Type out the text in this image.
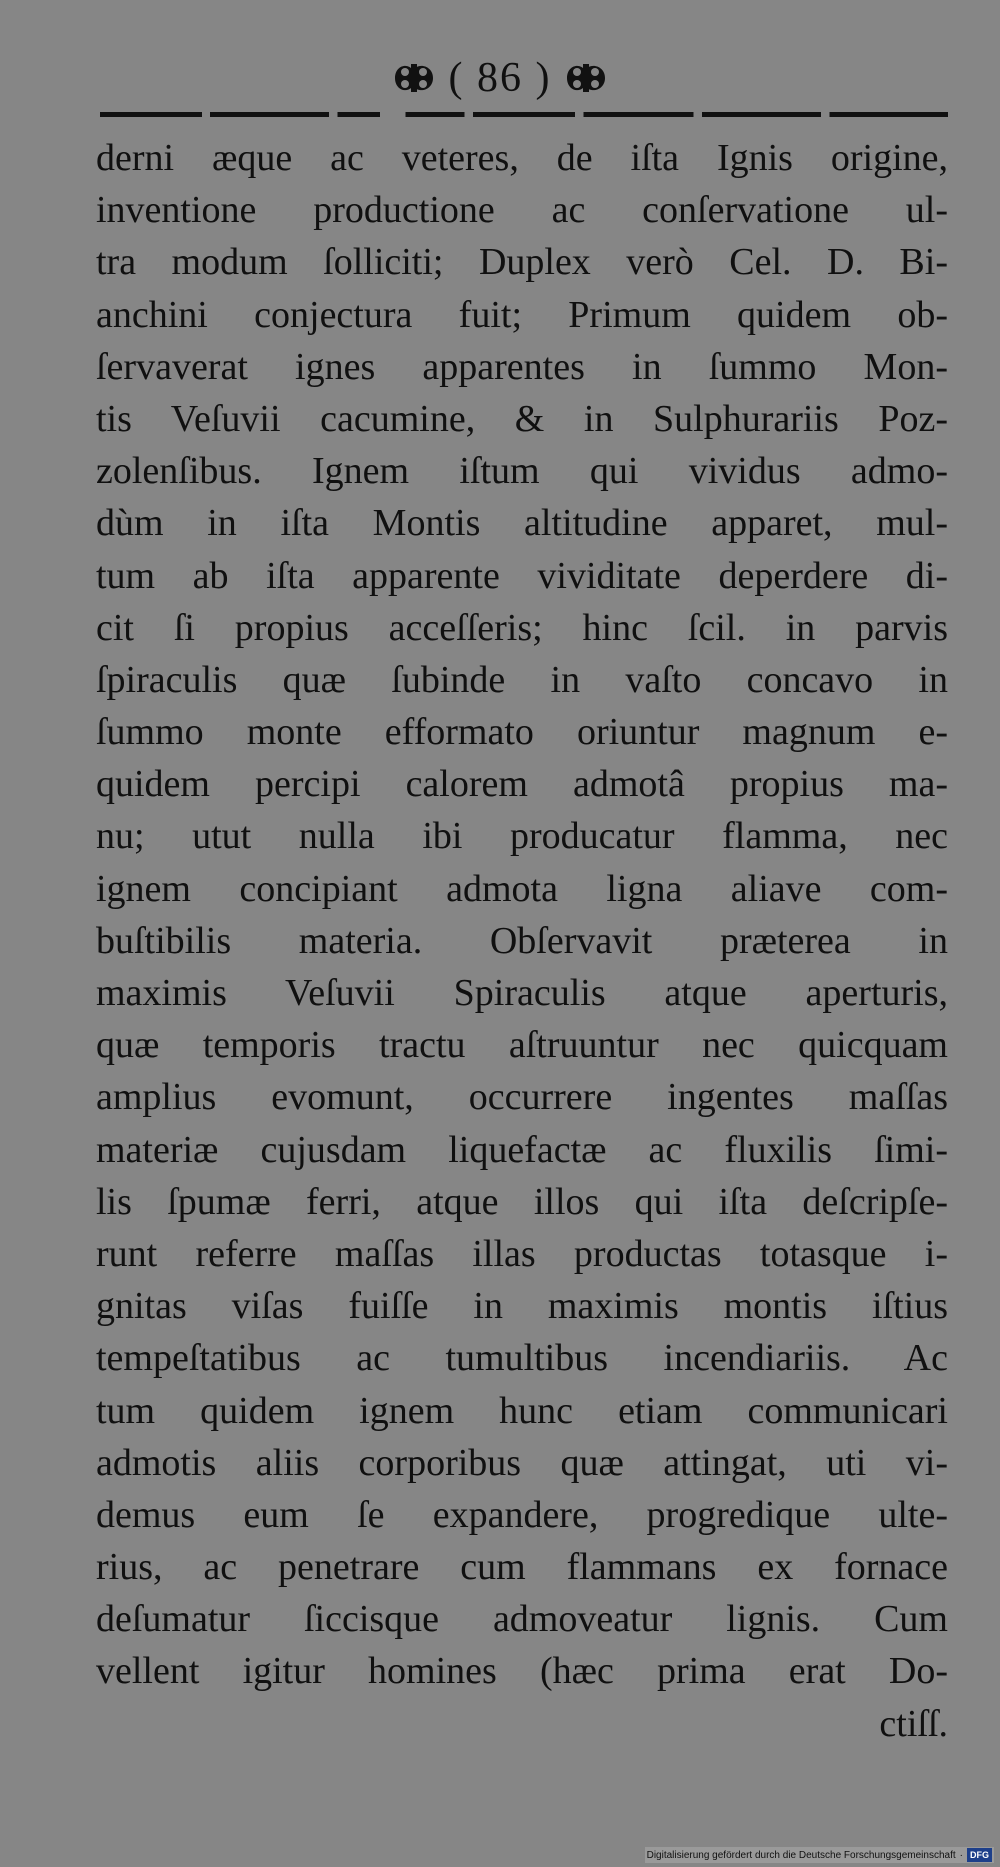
( 86 )
derni æque ac veteres, de iſta Ignis origine,
inventione productione ac conſervatione ul-
tra modum ſolliciti; Duplex verò Cel. D. Bi-
anchini conjectura fuit; Primum quidem ob-
ſervaverat ignes apparentes in ſummo Mon-
tis Veſuvii cacumine, & in Sulphurariis Poz-
zolenſibus. Ignem iſtum qui vividus admo-
dùm in iſta Montis altitudine apparet, mul-
tum ab iſta apparente vividitate deperdere di-
cit ſi propius acceſſeris; hinc ſcil. in parvis
ſpiraculis quæ ſubinde in vaſto concavo in
ſummo monte efformato oriuntur magnum e-
quidem percipi calorem admotâ propius ma-
nu; utut nulla ibi producatur flamma, nec
ignem concipiant admota ligna aliave com-
buſtibilis materia. Obſervavit præterea in
maximis Veſuvii Spiraculis atque aperturis,
quæ temporis tractu aſtruuntur nec quicquam
amplius evomunt, occurrere ingentes maſſas
materiæ cujusdam liquefactæ ac fluxilis ſimi-
lis ſpumæ ferri, atque illos qui iſta deſcripſe-
runt referre maſſas illas productas totasque i-
gnitas viſas fuiſſe in maximis montis iſtius
tempeſtatibus ac tumultibus incendiariis. Ac
tum quidem ignem hunc etiam communicari
admotis aliis corporibus quæ attingat, uti vi-
demus eum ſe expandere, progredique ulte-
rius, ac penetrare cum flammans ex fornace
deſumatur ſiccisque admoveatur lignis. Cum
vellent igitur homines (hæc prima erat Do-
ctiſſ.
Digitalisierung gefördert durch die Deutsche Forschungsgemeinschaft · DFG
